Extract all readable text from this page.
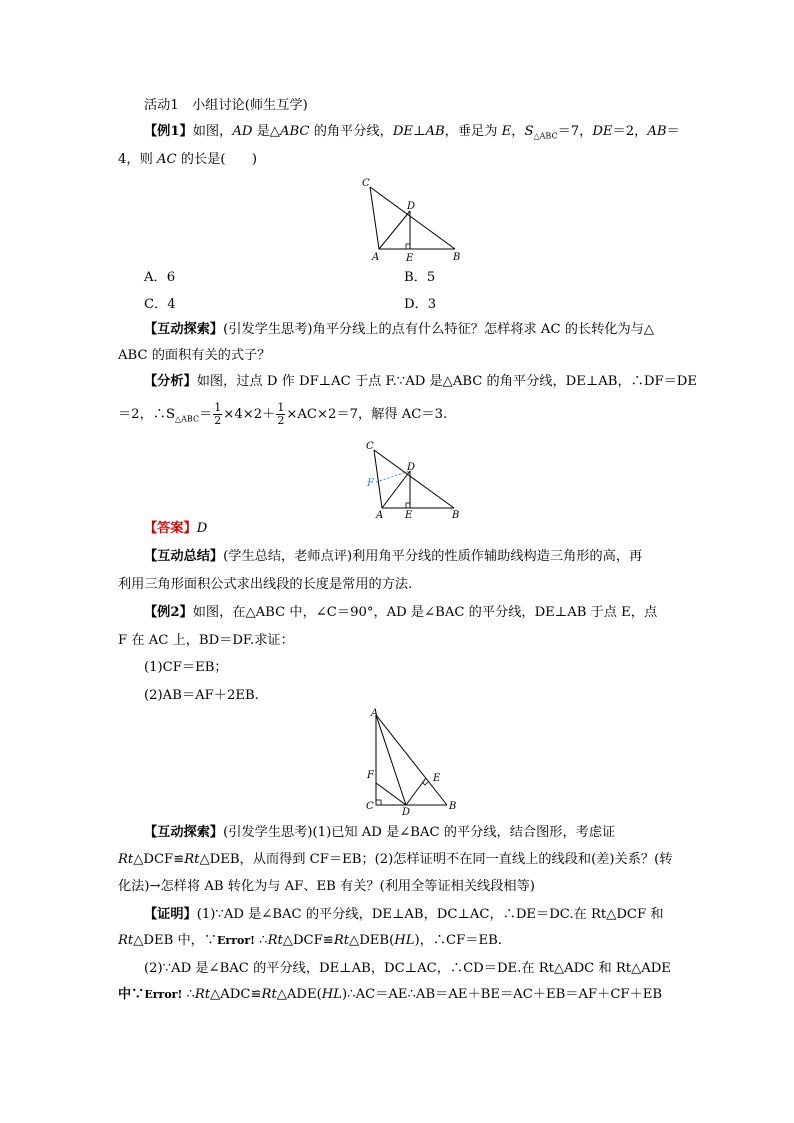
活动1　小组讨论(师生互学)
【例1】如图，AD 是△ABC 的角平分线，DE⊥AB，垂足为 E，$S_{\triangle ABC}=7$，DE＝2，AB＝
4，则 AC 的长是(　　)
C
D
A	E	B
A．6	B．5
C．4	D．3
【互动探索】(引发学生思考)角平分线上的点有什么特征？怎样将求 AC 的长转化为与△
ABC 的面积有关的式子？
【分析】如图，过点 D 作 DF⊥AC 于点 F.∵AD 是△ABC 的角平分线，DE⊥AB，∴DF＝DE
＝2，$\therefore S_{\triangle ABC}= \frac{1}{2} \times 4\times 2+ \frac{1}{2} \times AC\times 2=7$，解得 AC＝3.
C
D
F
A E	B
【答案】D
【互动总结】(学生总结，老师点评)利用角平分线的性质作辅助线构造三角形的高，再
利用三角形面积公式求出线段的长度是常用的方法.
【例2】如图，在△ABC 中，∠C＝90°，AD 是∠BAC 的平分线，DE⊥AB 于点 E，点
F 在 AC 上，BD＝DF.求证：
(1)CF＝EB；
(2)AB＝AF＋2EB.
A
F	E
C
D
B
【互动探索】(引发学生思考)(1)已知 AD 是∠BAC 的平分线，结合图形，考虑证
Rt△DCF≌Rt△DEB，从而得到 CF＝EB；(2)怎样证明不在同一直线上的线段和(差)关系？(转
化法)→怎样将 AB 转化为与 AF、EB 有关？(利用全等证相关线段相等)
【证明】(1)∵AD 是∠BAC 的平分线，DE⊥AB，DC⊥AC，∴DE＝DC.在 Rt△DCF 和
Rt△DEB 中，∵Error! ∴Rt△DCF≌Rt△DEB(HL)，∴CF＝EB.
(2)∵AD 是∠BAC 的平分线，DE⊥AB，DC⊥AC，∴CD＝DE.在 Rt△ADC 和 Rt△ADE
中∵Error! ∴Rt△ADC≌Rt△ADE(HL)∴AC＝AE∴AB＝AE＋BE＝AC＋EB＝AF＋CF＋EB
